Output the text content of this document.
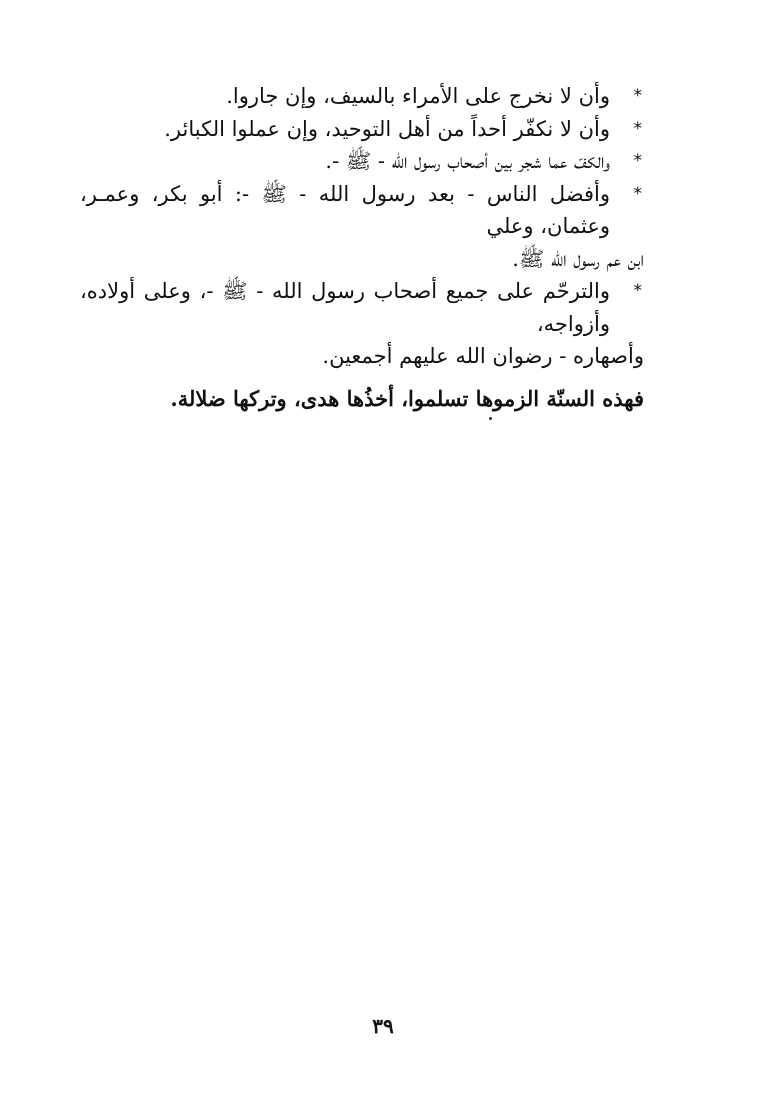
*
وأن لا نخرج على الأمراء بالسيف، وإن جاروا.
*
وأن لا نكفّر أحداً من أهل التوحيد، وإن عملوا الكبائر.
*
والكفّ عما شجر بين أصحاب رسول الله - ﷺ -.
*
وأفضل الناس - بعد رسول الله - ﷺ -: أبو بكر، وعمـر، وعثمان، وعلي
ابن عم رسول الله ﷺ.
*
والترحّم على جميع أصحاب رسول الله - ﷺ -، وعلى أولاده، وأزواجه،
وأصهاره - رضوان الله عليهم أجمعين.
فهذه السنّة الزموها تسلموا، أخذُها هدى، وتركها ضلالة.
٣٩
